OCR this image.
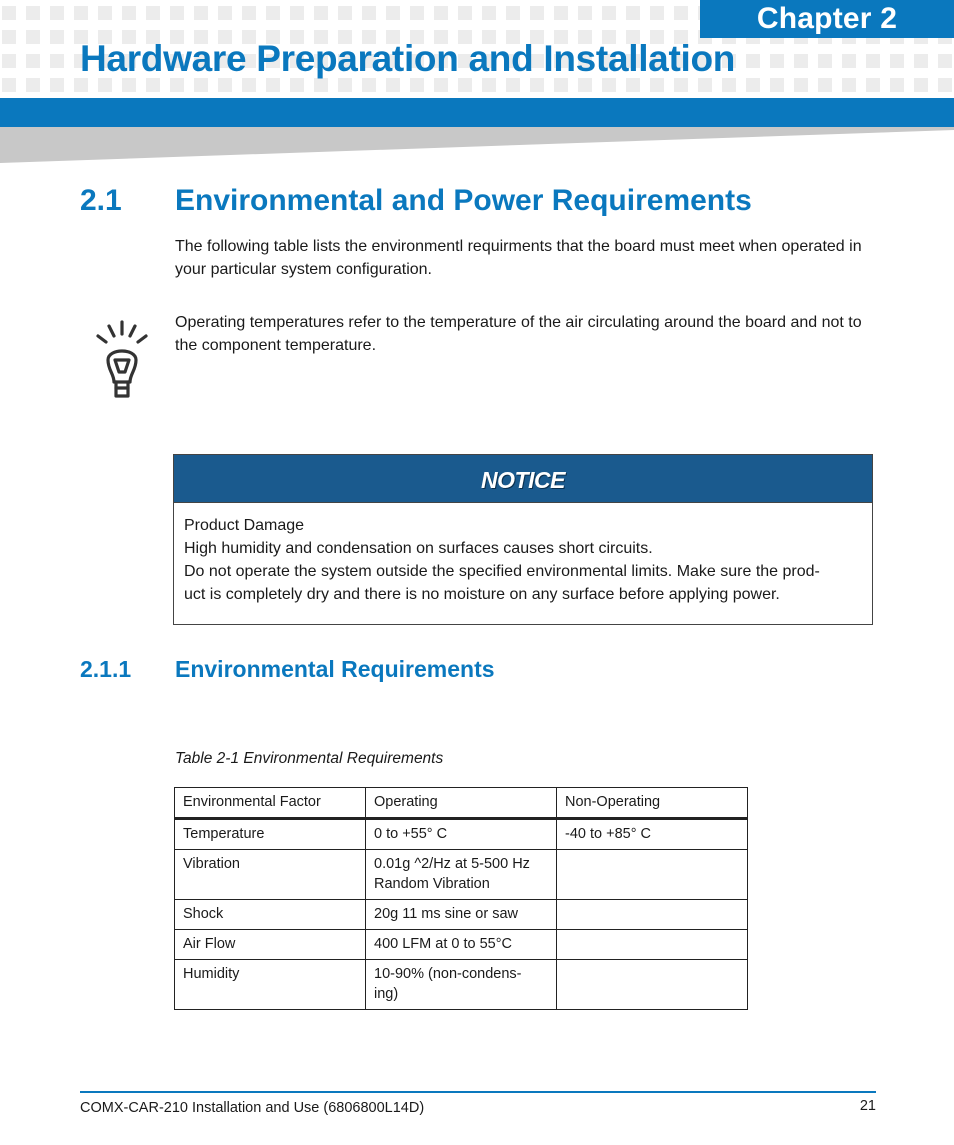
Chapter 2
Hardware Preparation and Installation
2.1 Environmental and Power Requirements
The following table lists the environmentl requirments that the board must meet when operated in your particular system configuration.
Operating temperatures refer to the temperature of the air circulating around the board and not to the component temperature.
NOTICE
Product Damage
High humidity and condensation on surfaces causes short circuits.
Do not operate the system outside the specified environmental limits. Make sure the prod-
uct is completely dry and there is no moisture on any surface before applying power.
2.1.1 Environmental Requirements
Table 2-1 Environmental Requirements
Environmental Factor	Operating	Non-Operating
Temperature	0 to +55° C	-40 to +85° C
Vibration	0.01g ^2/Hz at 5-500 Hz
Random Vibration	

Shock	20g 11 ms sine or saw	

Air Flow	400 LFM at 0 to 55°C	

Humidity	10-90% (non-condens-
ing)	

COMX-CAR-210 Installation and Use (6806800L14D)	21
